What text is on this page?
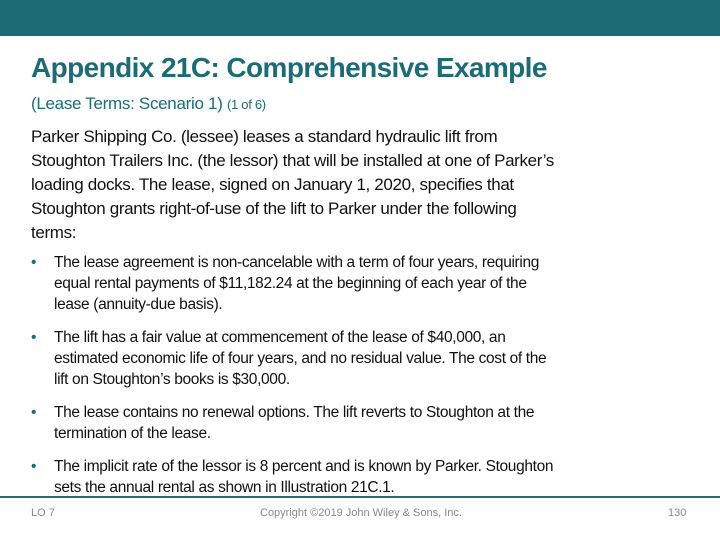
Appendix 21C: Comprehensive Example
(Lease Terms: Scenario 1) (1 of 6)
Parker Shipping Co. (lessee) leases a standard hydraulic lift from
Stoughton Trailers Inc. (the lessor) that will be installed at one of Parker’s
loading docks. The lease, signed on January 1, 2020, specifies that
Stoughton grants right-of-use of the lift to Parker under the following
terms:
• The lease agreement is non-cancelable with a term of four years, requiring
equal rental payments of $11,182.24 at the beginning of each year of the
lease (annuity-due basis).
• The lift has a fair value at commencement of the lease of $40,000, an
estimated economic life of four years, and no residual value. The cost of the
lift on Stoughton’s books is $30,000.
• The lease contains no renewal options. The lift reverts to Stoughton at the
termination of the lease.
• The implicit rate of the lessor is 8 percent and is known by Parker. Stoughton
sets the annual rental as shown in Illustration 21C.1.
LO 7	Copyright ©2019 John Wiley & Sons, Inc.	130
